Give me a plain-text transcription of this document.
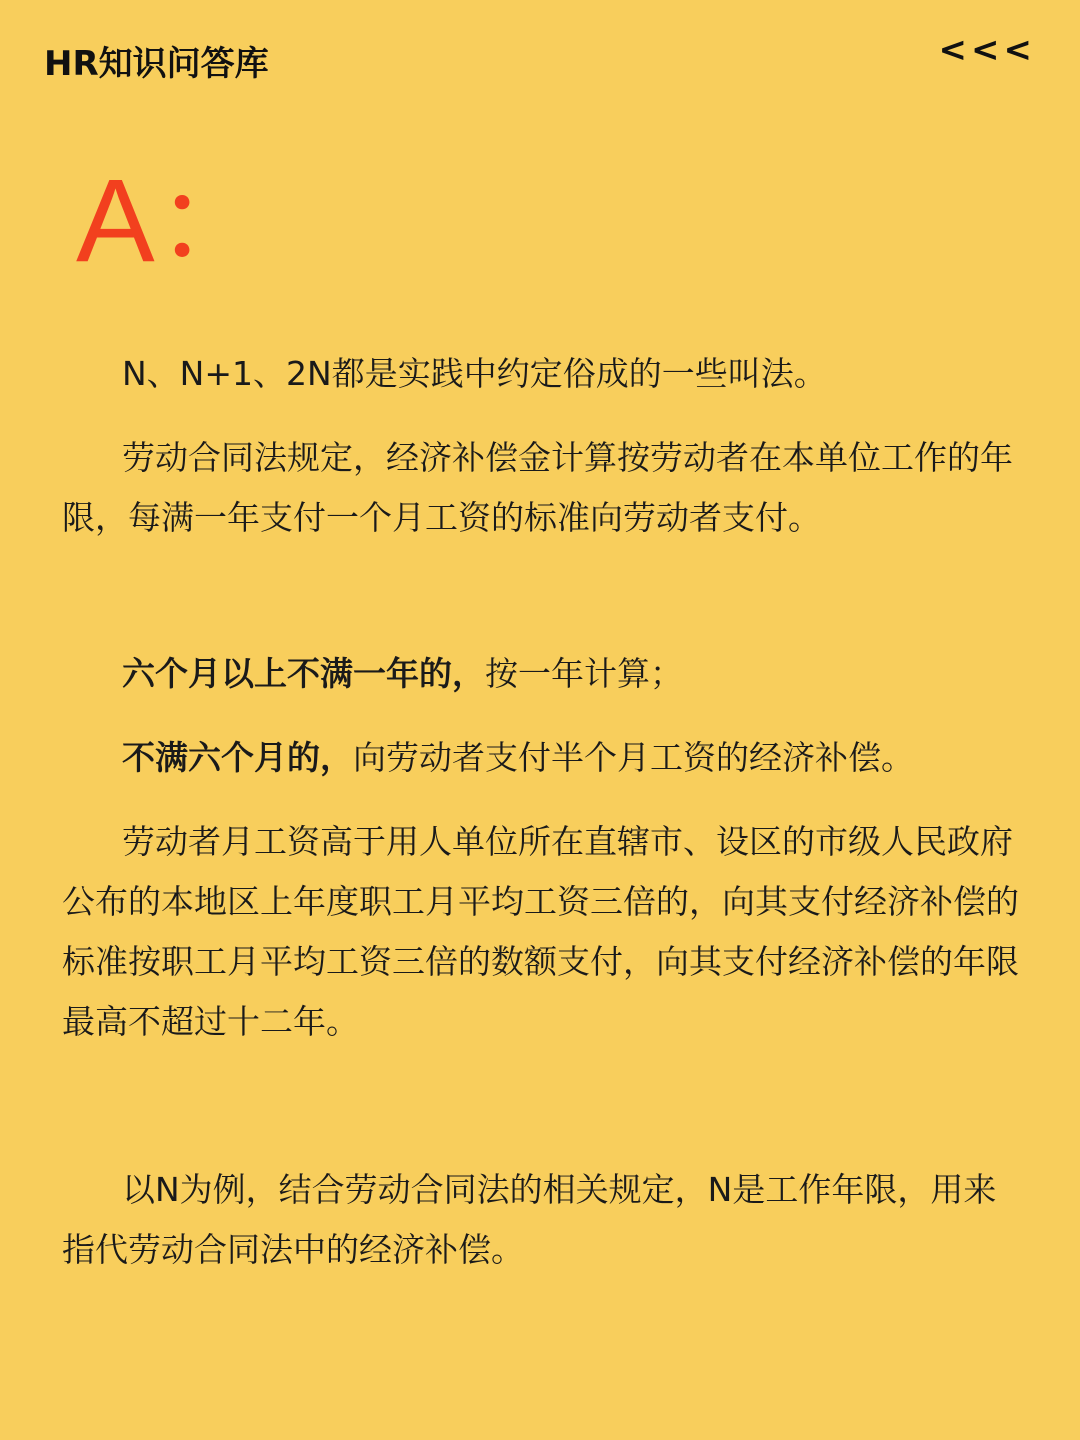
HR知识问答库	<<<
A：

N、N+1、2N都是实践中约定俗成的一些叫法。

劳动合同法规定，经济补偿金计算按劳动者在本单位工作的年限，每满一年支付一个月工资的标准向劳动者支付。

六个月以上不满一年的，按一年计算；

不满六个月的，向劳动者支付半个月工资的经济补偿。

劳动者月工资高于用人单位所在直辖市、设区的市级人民政府公布的本地区上年度职工月平均工资三倍的，向其支付经济补偿的标准按职工月平均工资三倍的数额支付，向其支付经济补偿的年限最高不超过十二年。

以N为例，结合劳动合同法的相关规定，N是工作年限，用来指代劳动合同法中的经济补偿。
